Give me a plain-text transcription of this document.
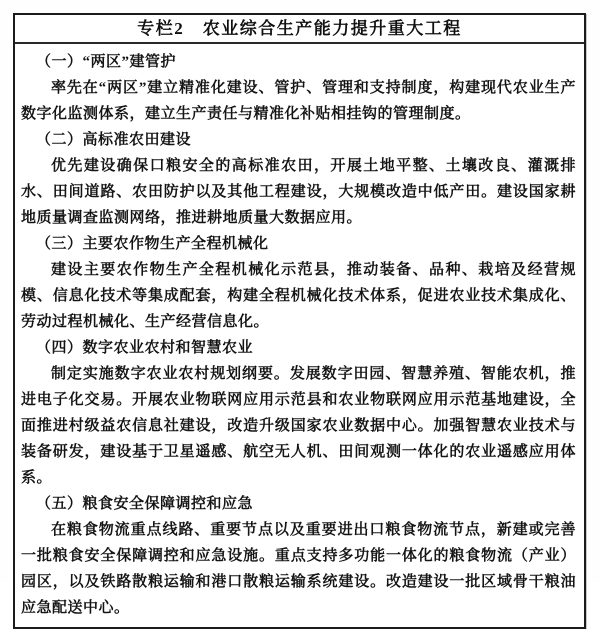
专栏2　农业综合生产能力提升重大工程
（一）“两区”建管护

率先在“两区”建立精准化建设、管护、管理和支持制度，构建现代农业生产数字化监测体系，建立生产责任与精准化补贴相挂钩的管理制度。

（二）高标准农田建设

优先建设确保口粮安全的高标准农田，开展土地平整、土壤改良、灌溉排水、田间道路、农田防护以及其他工程建设，大规模改造中低产田。建设国家耕地质量调查监测网络，推进耕地质量大数据应用。

（三）主要农作物生产全程机械化

建设主要农作物生产全程机械化示范县，推动装备、品种、栽培及经营规模、信息化技术等集成配套，构建全程机械化技术体系，促进农业技术集成化、劳动过程机械化、生产经营信息化。

（四）数字农业农村和智慧农业

制定实施数字农业农村规划纲要。发展数字田园、智慧养殖、智能农机，推进电子化交易。开展农业物联网应用示范县和农业物联网应用示范基地建设，全面推进村级益农信息社建设，改造升级国家农业数据中心。加强智慧农业技术与装备研发，建设基于卫星遥感、航空无人机、田间观测一体化的农业遥感应用体系。

（五）粮食安全保障调控和应急

在粮食物流重点线路、重要节点以及重要进出口粮食物流节点，新建或完善一批粮食安全保障调控和应急设施。重点支持多功能一体化的粮食物流（产业）园区，以及铁路散粮运输和港口散粮运输系统建设。改造建设一批区域骨干粮油应急配送中心。
